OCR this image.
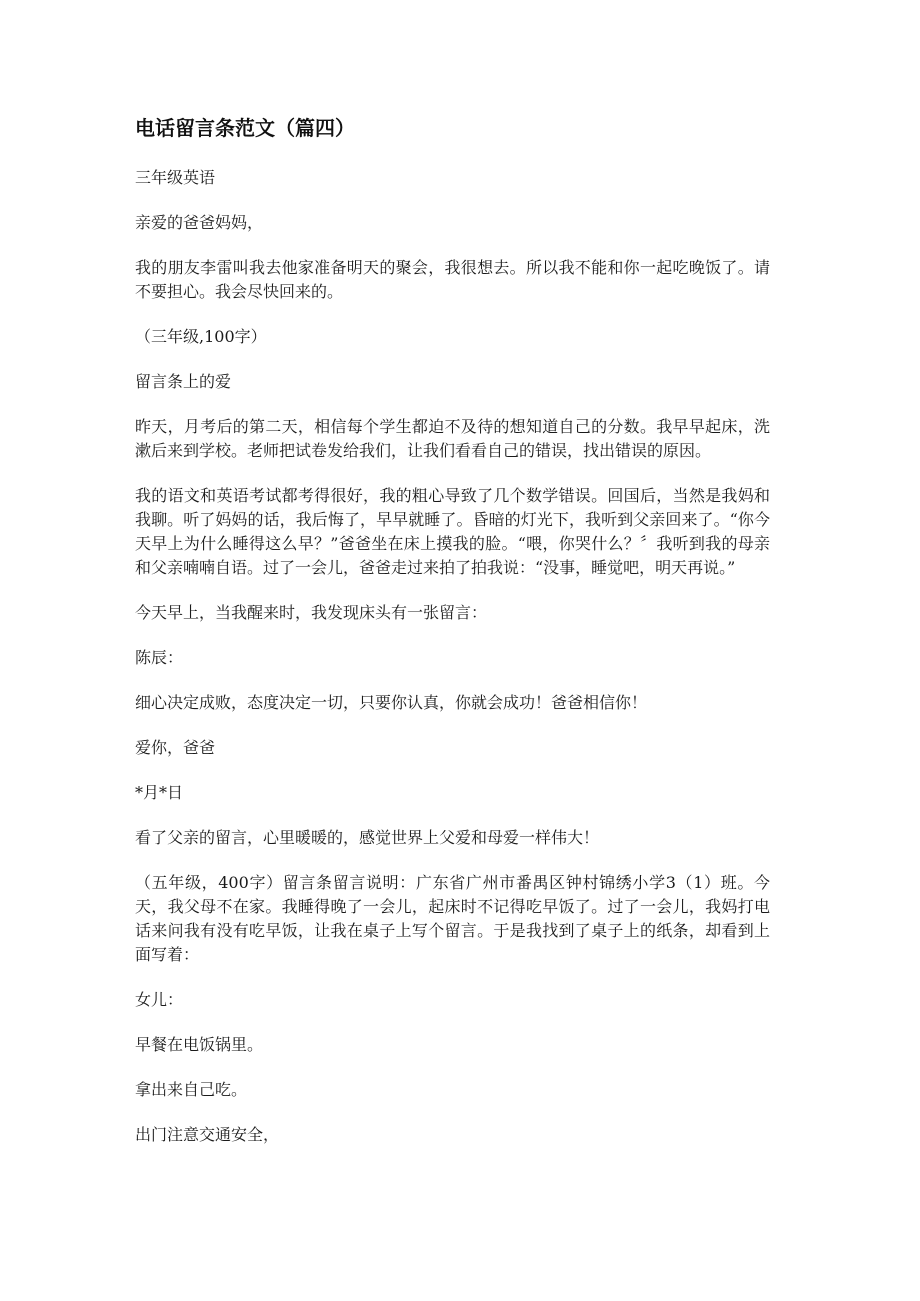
电话留言条范文（篇四）

三年级英语

亲爱的爸爸妈妈，

我的朋友李雷叫我去他家准备明天的聚会，我很想去。所以我不能和你一起吃晚饭了。请不要担心。我会尽快回来的。

（三年级,100字）

留言条上的爱

昨天，月考后的第二天，相信每个学生都迫不及待的想知道自己的分数。我早早起床，洗漱后来到学校。老师把试卷发给我们，让我们看看自己的错误，找出错误的原因。

我的语文和英语考试都考得很好，我的粗心导致了几个数学错误。回国后，当然是我妈和我聊。听了妈妈的话，我后悔了，早早就睡了。昏暗的灯光下，我听到父亲回来了。“你今天早上为什么睡得这么早？”爸爸坐在床上摸我的脸。“喂，你哭什么？〞我听到我的母亲和父亲喃喃自语。过了一会儿，爸爸走过来拍了拍我说：“没事，睡觉吧，明天再说。”

今天早上，当我醒来时，我发现床头有一张留言：

陈辰：

细心决定成败，态度决定一切，只要你认真，你就会成功！爸爸相信你！

爱你，爸爸

*月*日

看了父亲的留言，心里暖暖的，感觉世界上父爱和母爱一样伟大！

（五年级，400字）留言条留言说明：广东省广州市番禺区钟村锦绣小学3（1）班。今天，我父母不在家。我睡得晚了一会儿，起床时不记得吃早饭了。过了一会儿，我妈打电话来问我有没有吃早饭，让我在桌子上写个留言。于是我找到了桌子上的纸条，却看到上面写着：

女儿：

早餐在电饭锅里。

拿出来自己吃。

出门注意交通安全，
